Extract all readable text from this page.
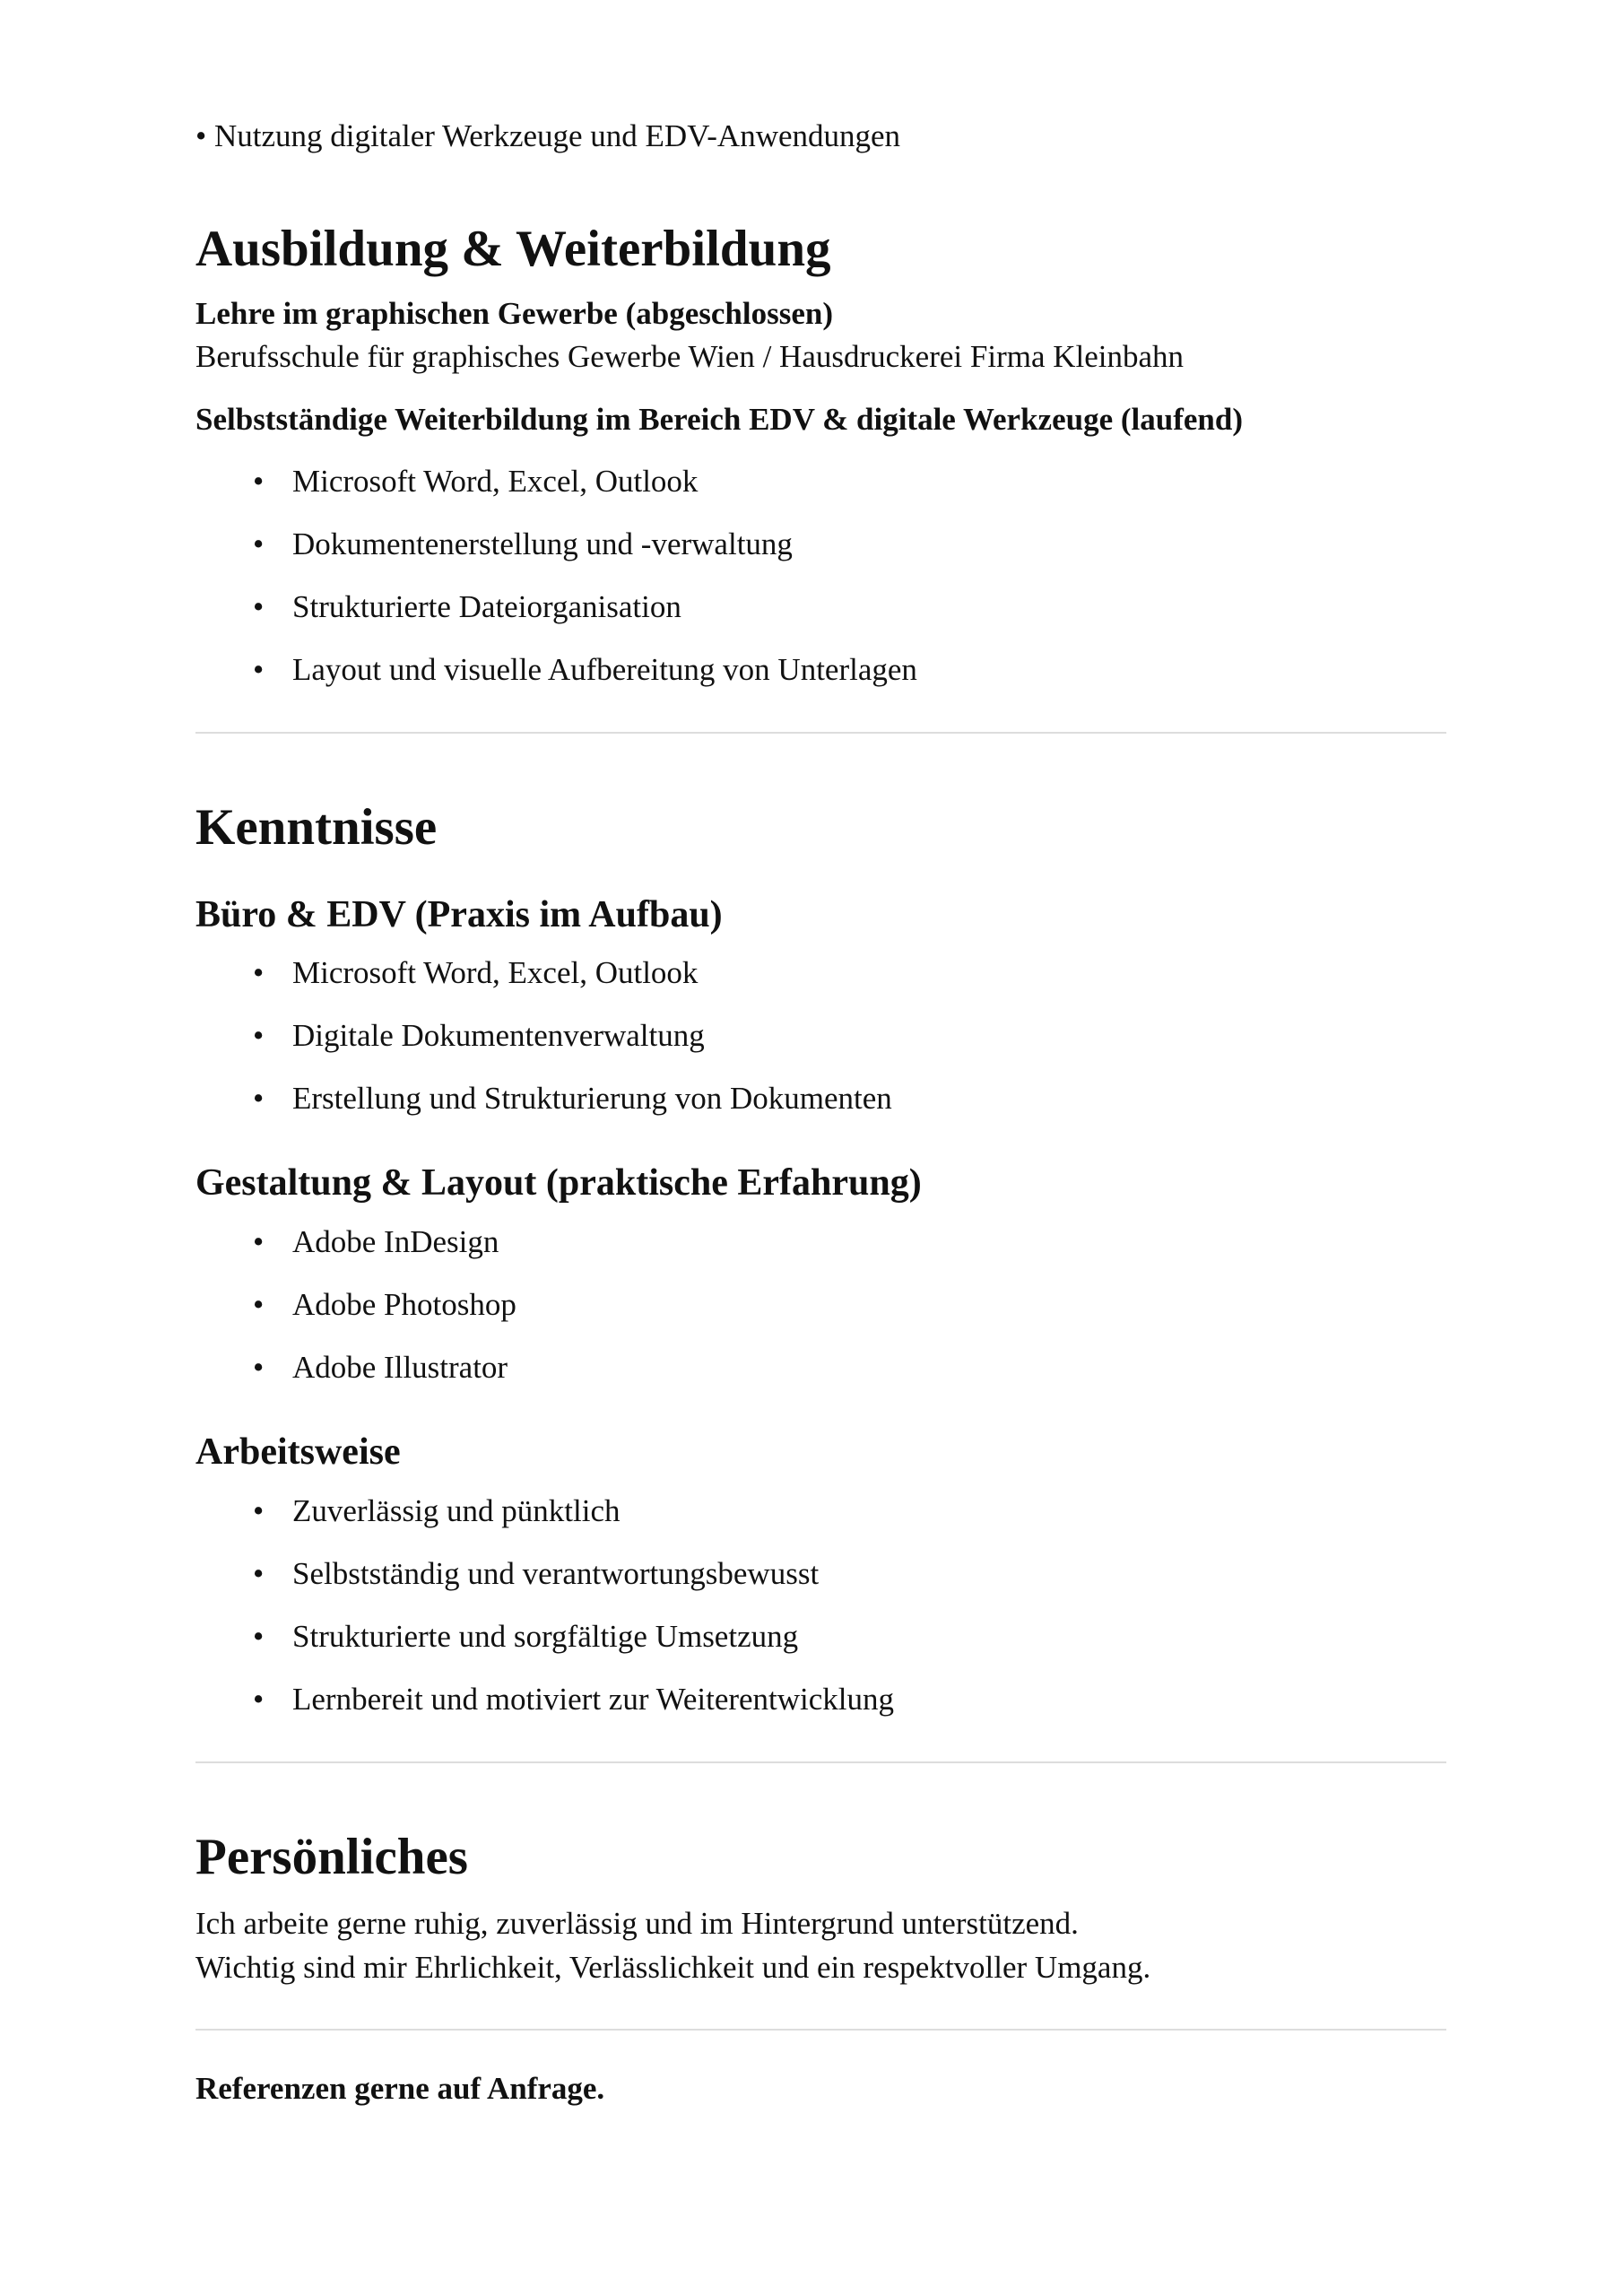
• Nutzung digitaler Werkzeuge und EDV-Anwendungen
Ausbildung & Weiterbildung
Lehre im graphischen Gewerbe (abgeschlossen)
Berufsschule für graphisches Gewerbe Wien / Hausdruckerei Firma Kleinbahn
Selbstständige Weiterbildung im Bereich EDV & digitale Werkzeuge (laufend)
• Microsoft Word, Excel, Outlook
• Dokumentenerstellung und -verwaltung
• Strukturierte Dateiorganisation
• Layout und visuelle Aufbereitung von Unterlagen
Kenntnisse
Büro & EDV (Praxis im Aufbau)
• Microsoft Word, Excel, Outlook
• Digitale Dokumentenverwaltung
• Erstellung und Strukturierung von Dokumenten
Gestaltung & Layout (praktische Erfahrung)
• Adobe InDesign
• Adobe Photoshop
• Adobe Illustrator
Arbeitsweise
• Zuverlässig und pünktlich
• Selbstständig und verantwortungsbewusst
• Strukturierte und sorgfältige Umsetzung
• Lernbereit und motiviert zur Weiterentwicklung
Persönliches
Ich arbeite gerne ruhig, zuverlässig und im Hintergrund unterstützend.
Wichtig sind mir Ehrlichkeit, Verlässlichkeit und ein respektvoller Umgang.
Referenzen gerne auf Anfrage.
